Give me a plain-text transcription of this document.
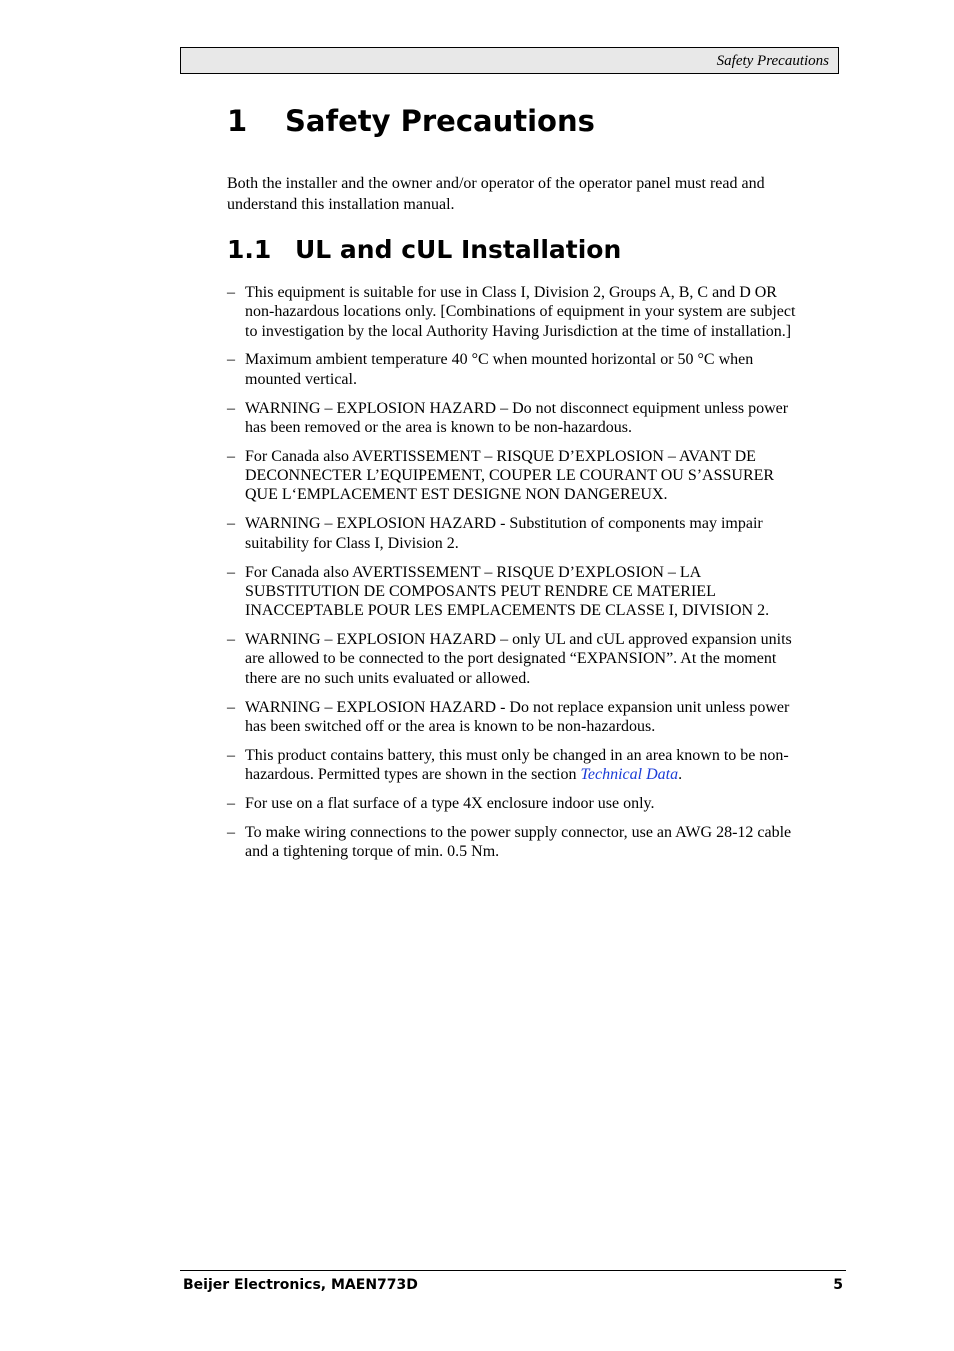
Safety Precautions
1 Safety Precautions

Both the installer and the owner and/or operator of the operator panel must read and understand this installation manual.

1.1 UL and cUL Installation
– This equipment is suitable for use in Class I, Division 2, Groups A, B, C and D OR non-hazardous locations only. [Combinations of equipment in your system are subject to investigation by the local Authority Having Jurisdiction at the time of installation.]
– Maximum ambient temperature 40 °C when mounted horizontal or 50 °C when mounted vertical.
– WARNING – EXPLOSION HAZARD – Do not disconnect equipment unless power has been removed or the area is known to be non-hazardous.
– For Canada also AVERTISSEMENT – RISQUE D’EXPLOSION – AVANT DE DECONNECTER L’EQUIPEMENT, COUPER LE COURANT OU S’ASSURER QUE L‘EMPLACEMENT EST DESIGNE NON DANGEREUX.
– WARNING – EXPLOSION HAZARD - Substitution of components may impair suitability for Class I, Division 2.
– For Canada also AVERTISSEMENT – RISQUE D’EXPLOSION – LA SUBSTITUTION DE COMPOSANTS PEUT RENDRE CE MATERIEL INACCEPTABLE POUR LES EMPLACEMENTS DE CLASSE I, DIVISION 2.
– WARNING – EXPLOSION HAZARD – only UL and cUL approved expansion units are allowed to be connected to the port designated “EXPANSION”. At the moment there are no such units evaluated or allowed.
– WARNING – EXPLOSION HAZARD - Do not replace expansion unit unless power has been switched off or the area is known to be non-hazardous.
– This product contains battery, this must only be changed in an area known to be non-hazardous. Permitted types are shown in the section Technical Data.
– For use on a flat surface of a type 4X enclosure indoor use only.
– To make wiring connections to the power supply connector, use an AWG 28-12 cable and a tightening torque of min. 0.5 Nm.
Beijer Electronics, MAEN773D	5
